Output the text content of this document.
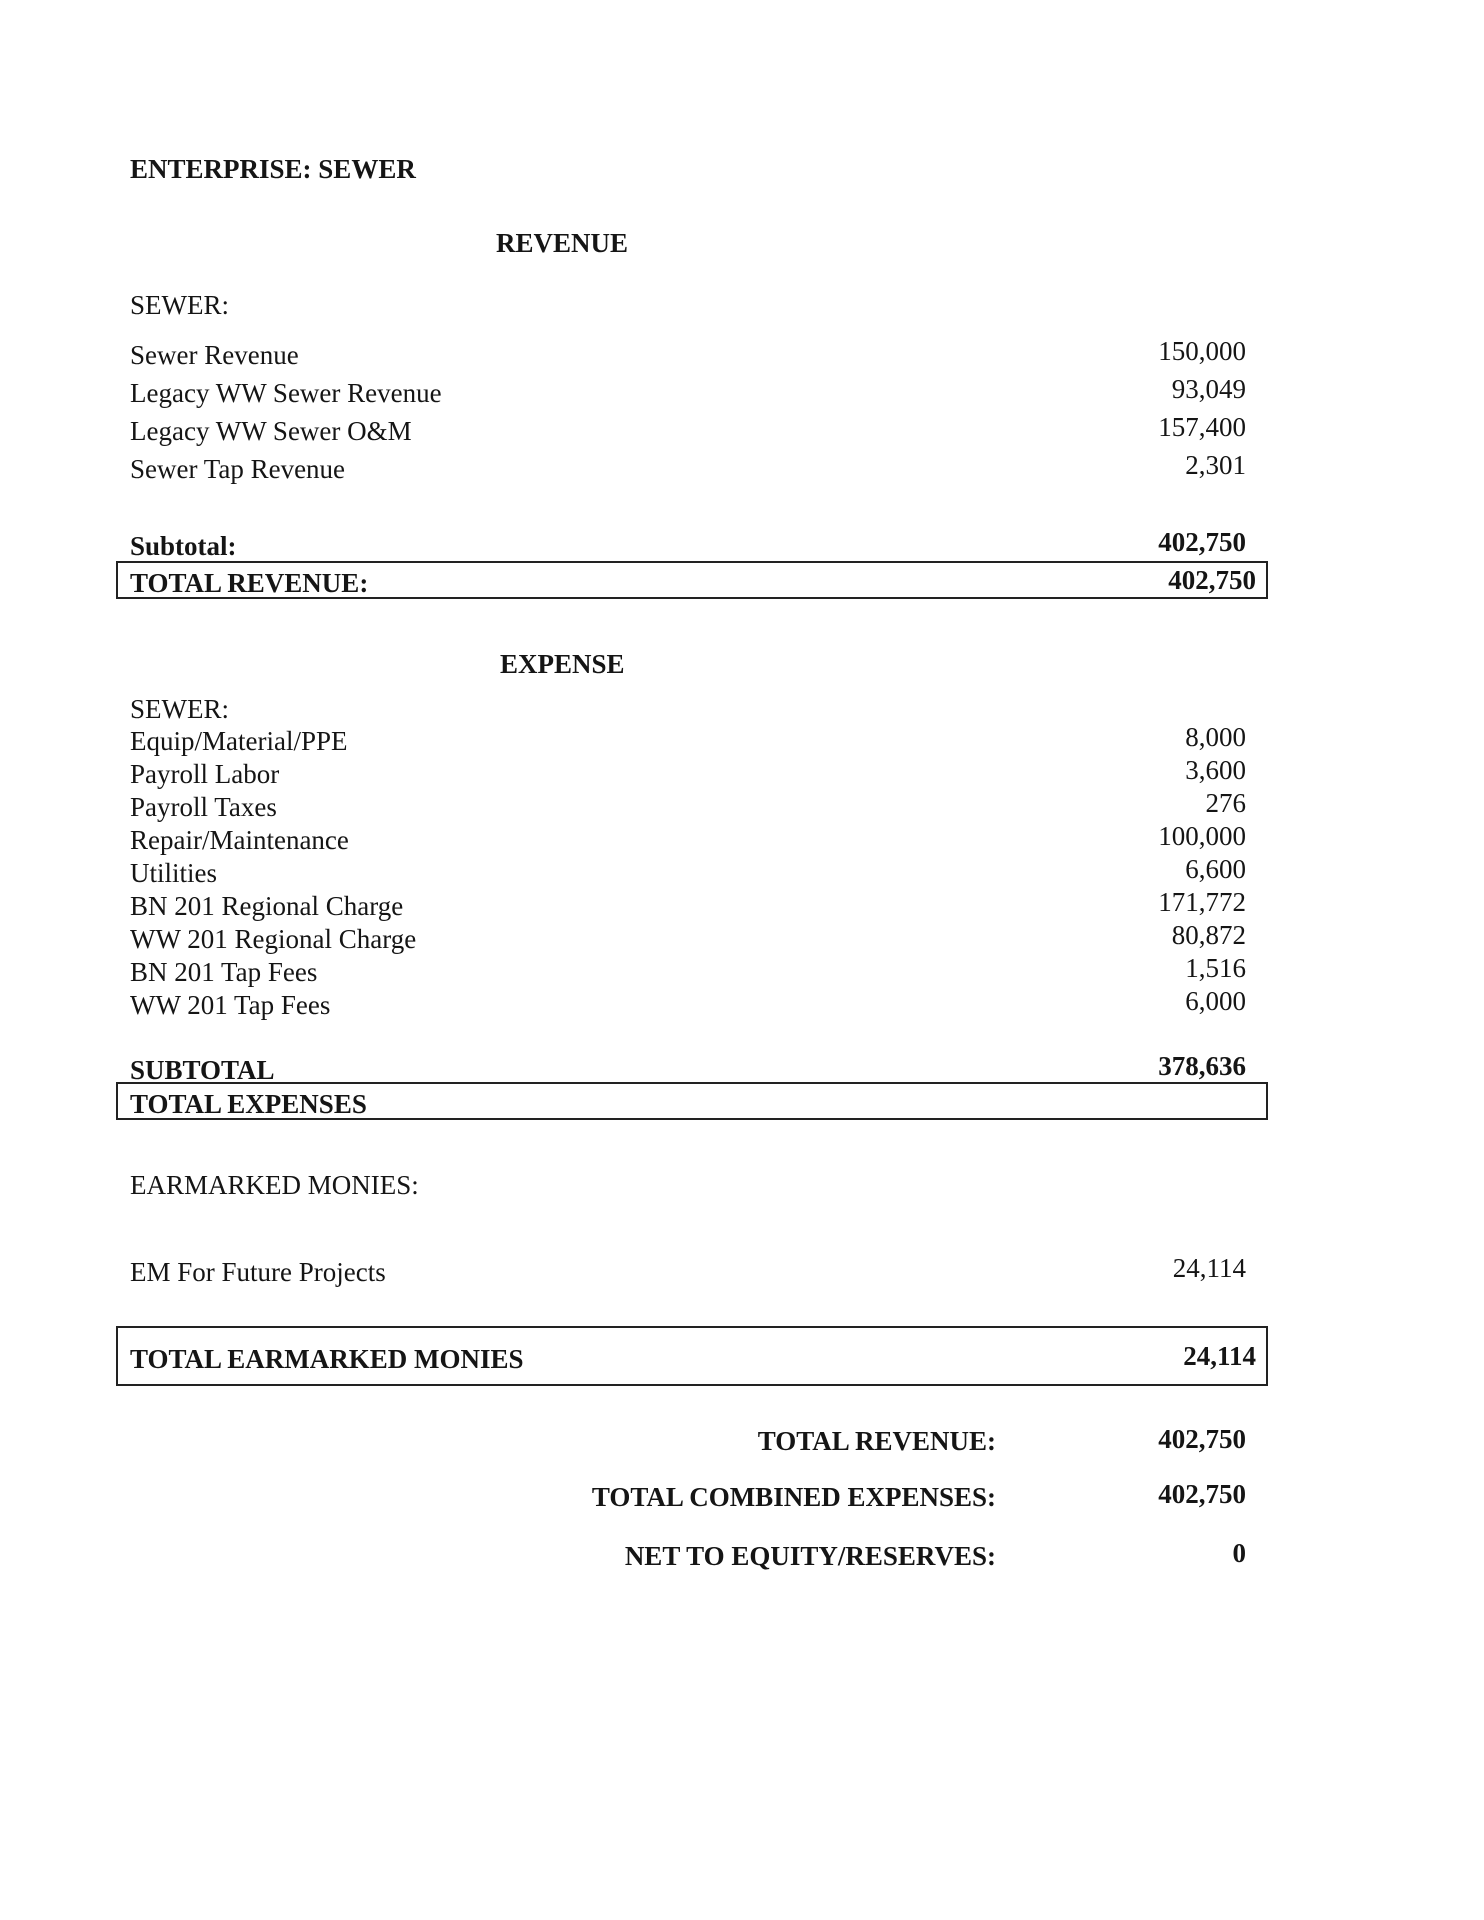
ENTERPRISE: SEWER
REVENUE
SEWER:
Sewer Revenue	150,000
Legacy WW Sewer Revenue	93,049
Legacy WW Sewer O&M	157,400
Sewer Tap Revenue	2,301
Subtotal:	402,750
TOTAL REVENUE:	402,750
EXPENSE
SEWER:
Equip/Material/PPE	8,000
Payroll Labor	3,600
Payroll Taxes	276
Repair/Maintenance	100,000
Utilities	6,600
BN 201 Regional Charge	171,772
WW 201 Regional Charge	80,872
BN 201 Tap Fees	1,516
WW 201 Tap Fees	6,000
SUBTOTAL	378,636
TOTAL EXPENSES
EARMARKED MONIES:
EM For Future Projects	24,114
TOTAL EARMARKED MONIES	24,114
TOTAL REVENUE:	402,750
TOTAL COMBINED EXPENSES:	402,750
NET TO EQUITY/RESERVES:	0
